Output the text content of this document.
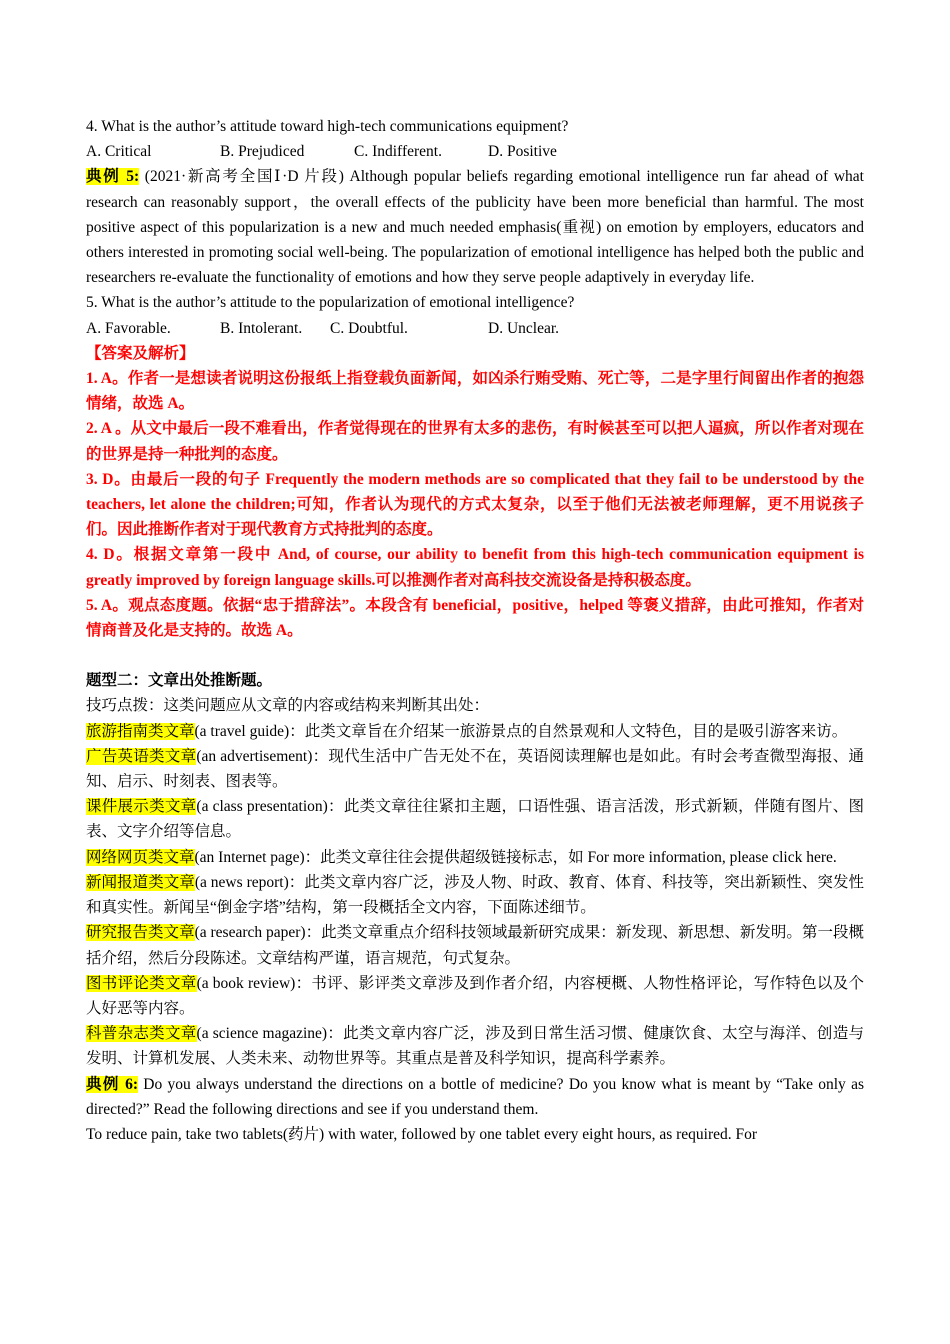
4. What is the author’s attitude toward high-tech communications equipment?

A. Critical	B. Prejudiced	C. Indifferent.	D. Positive

典例 5: (2021·新高考全国Ⅰ·D 片段) Although popular beliefs regarding emotional intelligence run far ahead of what research can reasonably support，the overall effects of the publicity have been more beneficial than harmful. The most positive aspect of this popularization is a new and much needed emphasis(重视) on emotion by employers, educators and others interested in promoting social well-being. The popularization of emotional intelligence has helped both the public and researchers re-evaluate the functionality of emotions and how they serve people adaptively in everyday life.

5. What is the author’s attitude to the popularization of emotional intelligence?

A. Favorable.	B. Intolerant.	C. Doubtful.	D. Unclear.

【答案及解析】

1. A。作者一是想读者说明这份报纸上指登载负面新闻，如凶杀行贿受贿、死亡等，二是字里行间留出作者的抱怨情绪，故选 A。

2. A 。从文中最后一段不难看出，作者觉得现在的世界有太多的悲伤，有时候甚至可以把人逼疯，所以作者对现在的世界是持一种批判的态度。

3. D。由最后一段的句子 Frequently the modern methods are so complicated that they fail to be understood by the teachers, let alone the children;可知，作者认为现代的方式太复杂，以至于他们无法被老师理解，更不用说孩子们。因此推断作者对于现代教育方式持批判的态度。

4. D。根据文章第一段中 And, of course, our ability to benefit from this high-tech communication equipment is greatly improved by foreign language skills.可以推测作者对高科技交流设备是持积极态度。

5. A。观点态度题。依据“忠于措辞法”。本段含有 beneficial，positive，helped 等褒义措辞，由此可推知，作者对情商普及化是支持的。故选 A。

题型二：文章出处推断题。

技巧点拨：这类问题应从文章的内容或结构来判断其出处：

旅游指南类文章(a travel guide)：此类文章旨在介绍某一旅游景点的自然景观和人文特色，目的是吸引游客来访。

广告英语类文章(an advertisement)：现代生活中广告无处不在，英语阅读理解也是如此。有时会考查微型海报、通知、启示、时刻表、图表等。

课件展示类文章(a class presentation)：此类文章往往紧扣主题，口语性强、语言活泼，形式新颖，伴随有图片、图表、文字介绍等信息。

网络网页类文章(an Internet page)：此类文章往往会提供超级链接标志，如 For more information, please click here.

新闻报道类文章(a news report)：此类文章内容广泛，涉及人物、时政、教育、体育、科技等，突出新颖性、突发性和真实性。新闻呈“倒金字塔”结构，第一段概括全文内容，下面陈述细节。

研究报告类文章(a research paper)：此类文章重点介绍科技领域最新研究成果：新发现、新思想、新发明。第一段概括介绍，然后分段陈述。文章结构严谨，语言规范，句式复杂。

图书评论类文章(a book review)：书评、影评类文章涉及到作者介绍，内容梗概、人物性格评论，写作特色以及个人好恶等内容。

科普杂志类文章(a science magazine)：此类文章内容广泛，涉及到日常生活习惯、健康饮食、太空与海洋、创造与发明、计算机发展、人类未来、动物世界等。其重点是普及科学知识，提高科学素养。

典例 6: Do you always understand the directions on a bottle of medicine? Do you know what is meant by “Take only as directed?” Read the following directions and see if you understand them.

To reduce pain, take two tablets(药片) with water, followed by one tablet every eight hours, as required. For
